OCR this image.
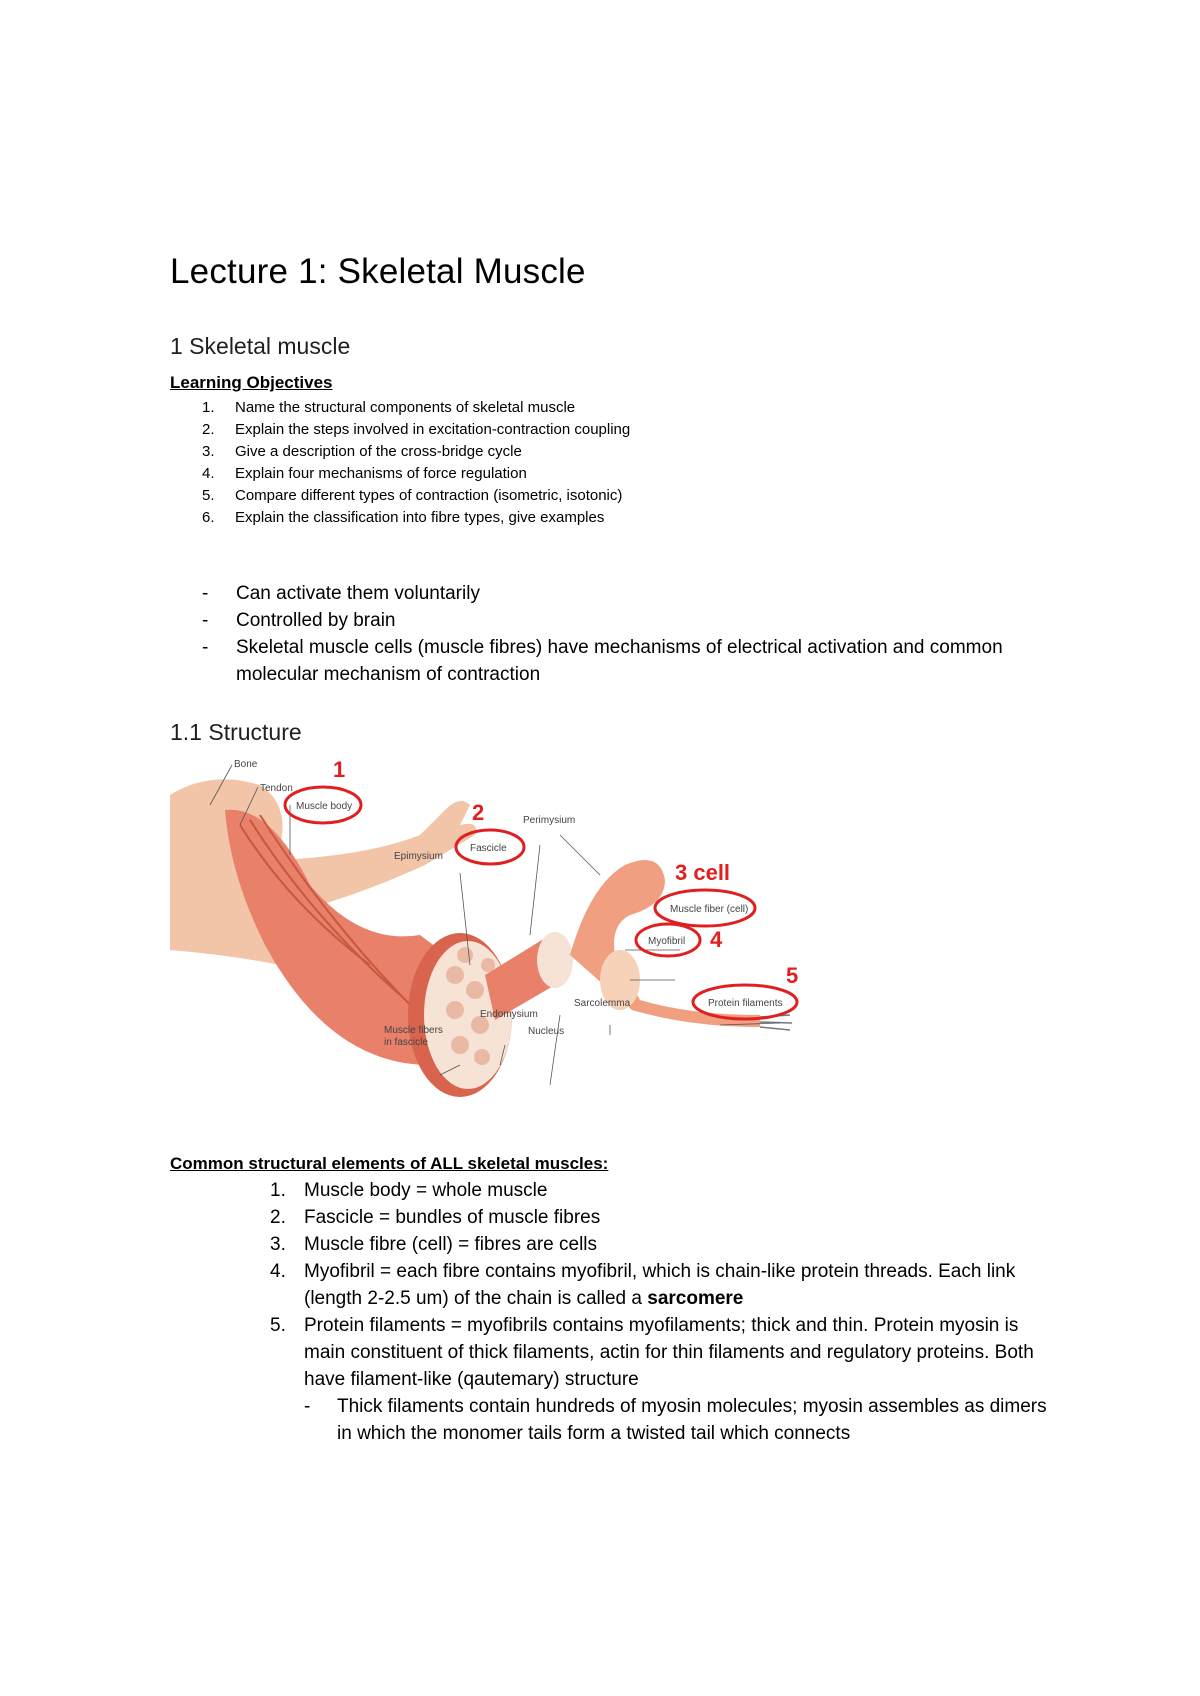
Lecture 1: Skeletal Muscle
1 Skeletal muscle
Learning Objectives
1. Name the structural components of skeletal muscle
2. Explain the steps involved in excitation-contraction coupling
3. Give a description of the cross-bridge cycle
4. Explain four mechanisms of force regulation
5. Compare different types of contraction (isometric, isotonic)
6. Explain the classification into fibre types, give examples
- Can activate them voluntarily
- Controlled by brain
- Skeletal muscle cells (muscle fibres) have mechanisms of electrical activation and common molecular mechanism of contraction
1.1 Structure
1
2
3 cell
4
5
Bone
Tendon
Muscle body
Perimysium
Fascicle
Epimysium
Muscle fiber (cell)
Myofibril
Protein filaments
Sarcolemma
Endomysium
Nucleus
Muscle fibers
in fascicle
Common structural elements of ALL skeletal muscles:
1. Muscle body = whole muscle
2. Fascicle = bundles of muscle fibres
3. Muscle fibre (cell) = fibres are cells
4. Myofibril = each fibre contains myofibril, which is chain-like protein threads. Each link (length 2-2.5 um) of the chain is called a sarcomere
5. Protein filaments = myofibrils contains myofilaments; thick and thin. Protein myosin is main constituent of thick filaments, actin for thin filaments and regulatory proteins. Both have filament-like (qautemary) structure
- Thick filaments contain hundreds of myosin molecules; myosin assembles as dimers in which the monomer tails form a twisted tail which connects
